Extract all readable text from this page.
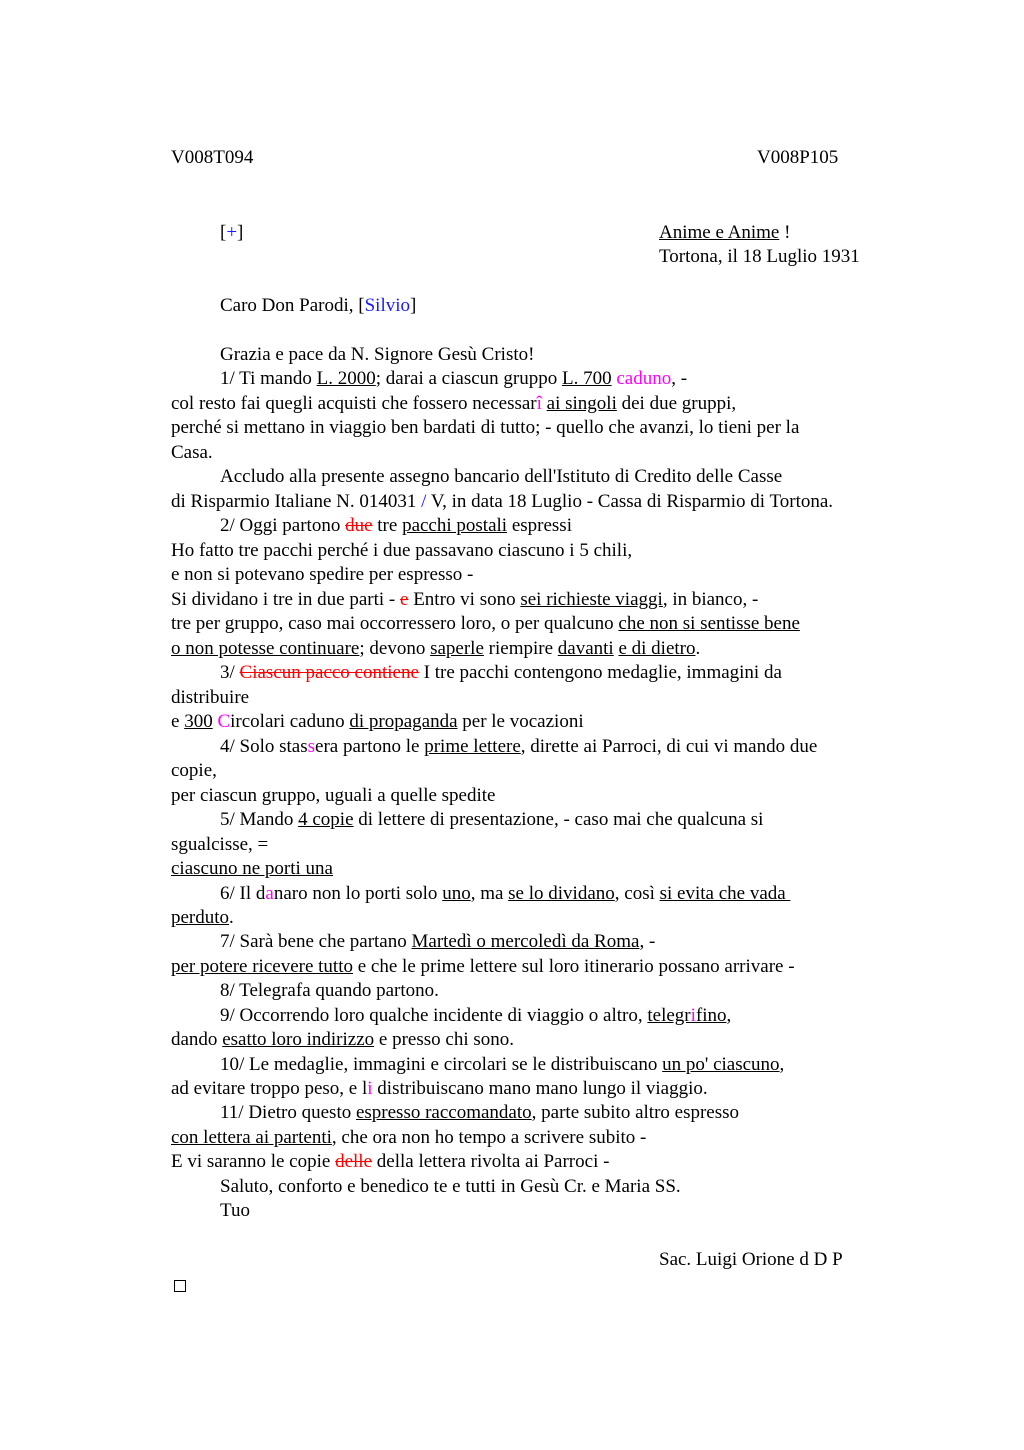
V008T094	V008P105
[+]	Anime e Anime !
Tortona, il 18 Luglio 1931
Caro Don Parodi, [Silvio]
Grazia e pace da N. Signore Gesù Cristo!
1/ Ti mando L. 2000; darai a ciascun gruppo L. 700 caduno, -
col resto fai quegli acquisti che fossero necessarî ai singoli dei due gruppi,
perché si mettano in viaggio ben bardati di tutto; - quello che avanzi, lo tieni per la
Casa.
Accludo alla presente assegno bancario dell'Istituto di Credito delle Casse
di Risparmio Italiane N. 014031 / V, in data 18 Luglio - Cassa di Risparmio di Tortona.
2/ Oggi partono due tre pacchi postali espressi
Ho fatto tre pacchi perché i due passavano ciascuno i 5 chili,
e non si potevano spedire per espresso -
Si dividano i tre in due parti - e Entro vi sono sei richieste viaggi, in bianco, -
tre per gruppo, caso mai occorressero loro, o per qualcuno che non si sentisse bene
o non potesse continuare; devono saperle riempire davanti e di dietro.
3/ Ciascun pacco contiene I tre pacchi contengono medaglie, immagini da
distribuire
e 300 Circolari caduno di propaganda per le vocazioni
4/ Solo stassera partono le prime lettere, dirette ai Parroci, di cui vi mando due
copie,
per ciascun gruppo, uguali a quelle spedite
5/ Mando 4 copie di lettere di presentazione, - caso mai che qualcuna si
sgualcisse, =
ciascuno ne porti una
6/ Il danaro non lo porti solo uno, ma se lo dividano, così si evita che vada
perduto.
7/ Sarà bene che partano Martedì o mercoledì da Roma, -
per potere ricevere tutto e che le prime lettere sul loro itinerario possano arrivare -
8/ Telegrafa quando partono.
9/ Occorrendo loro qualche incidente di viaggio o altro, telegrifino,
dando esatto loro indirizzo e presso chi sono.
10/ Le medaglie, immagini e circolari se le distribuiscano un po' ciascuno,
ad evitare troppo peso, e li distribuiscano mano mano lungo il viaggio.
11/ Dietro questo espresso raccomandato, parte subito altro espresso
con lettera ai partenti, che ora non ho tempo a scrivere subito -
E vi saranno le copie delle della lettera rivolta ai Parroci -
Saluto, conforto e benedico te e tutti in Gesù Cr. e Maria SS.
Tuo
Sac. Luigi Orione d D P
